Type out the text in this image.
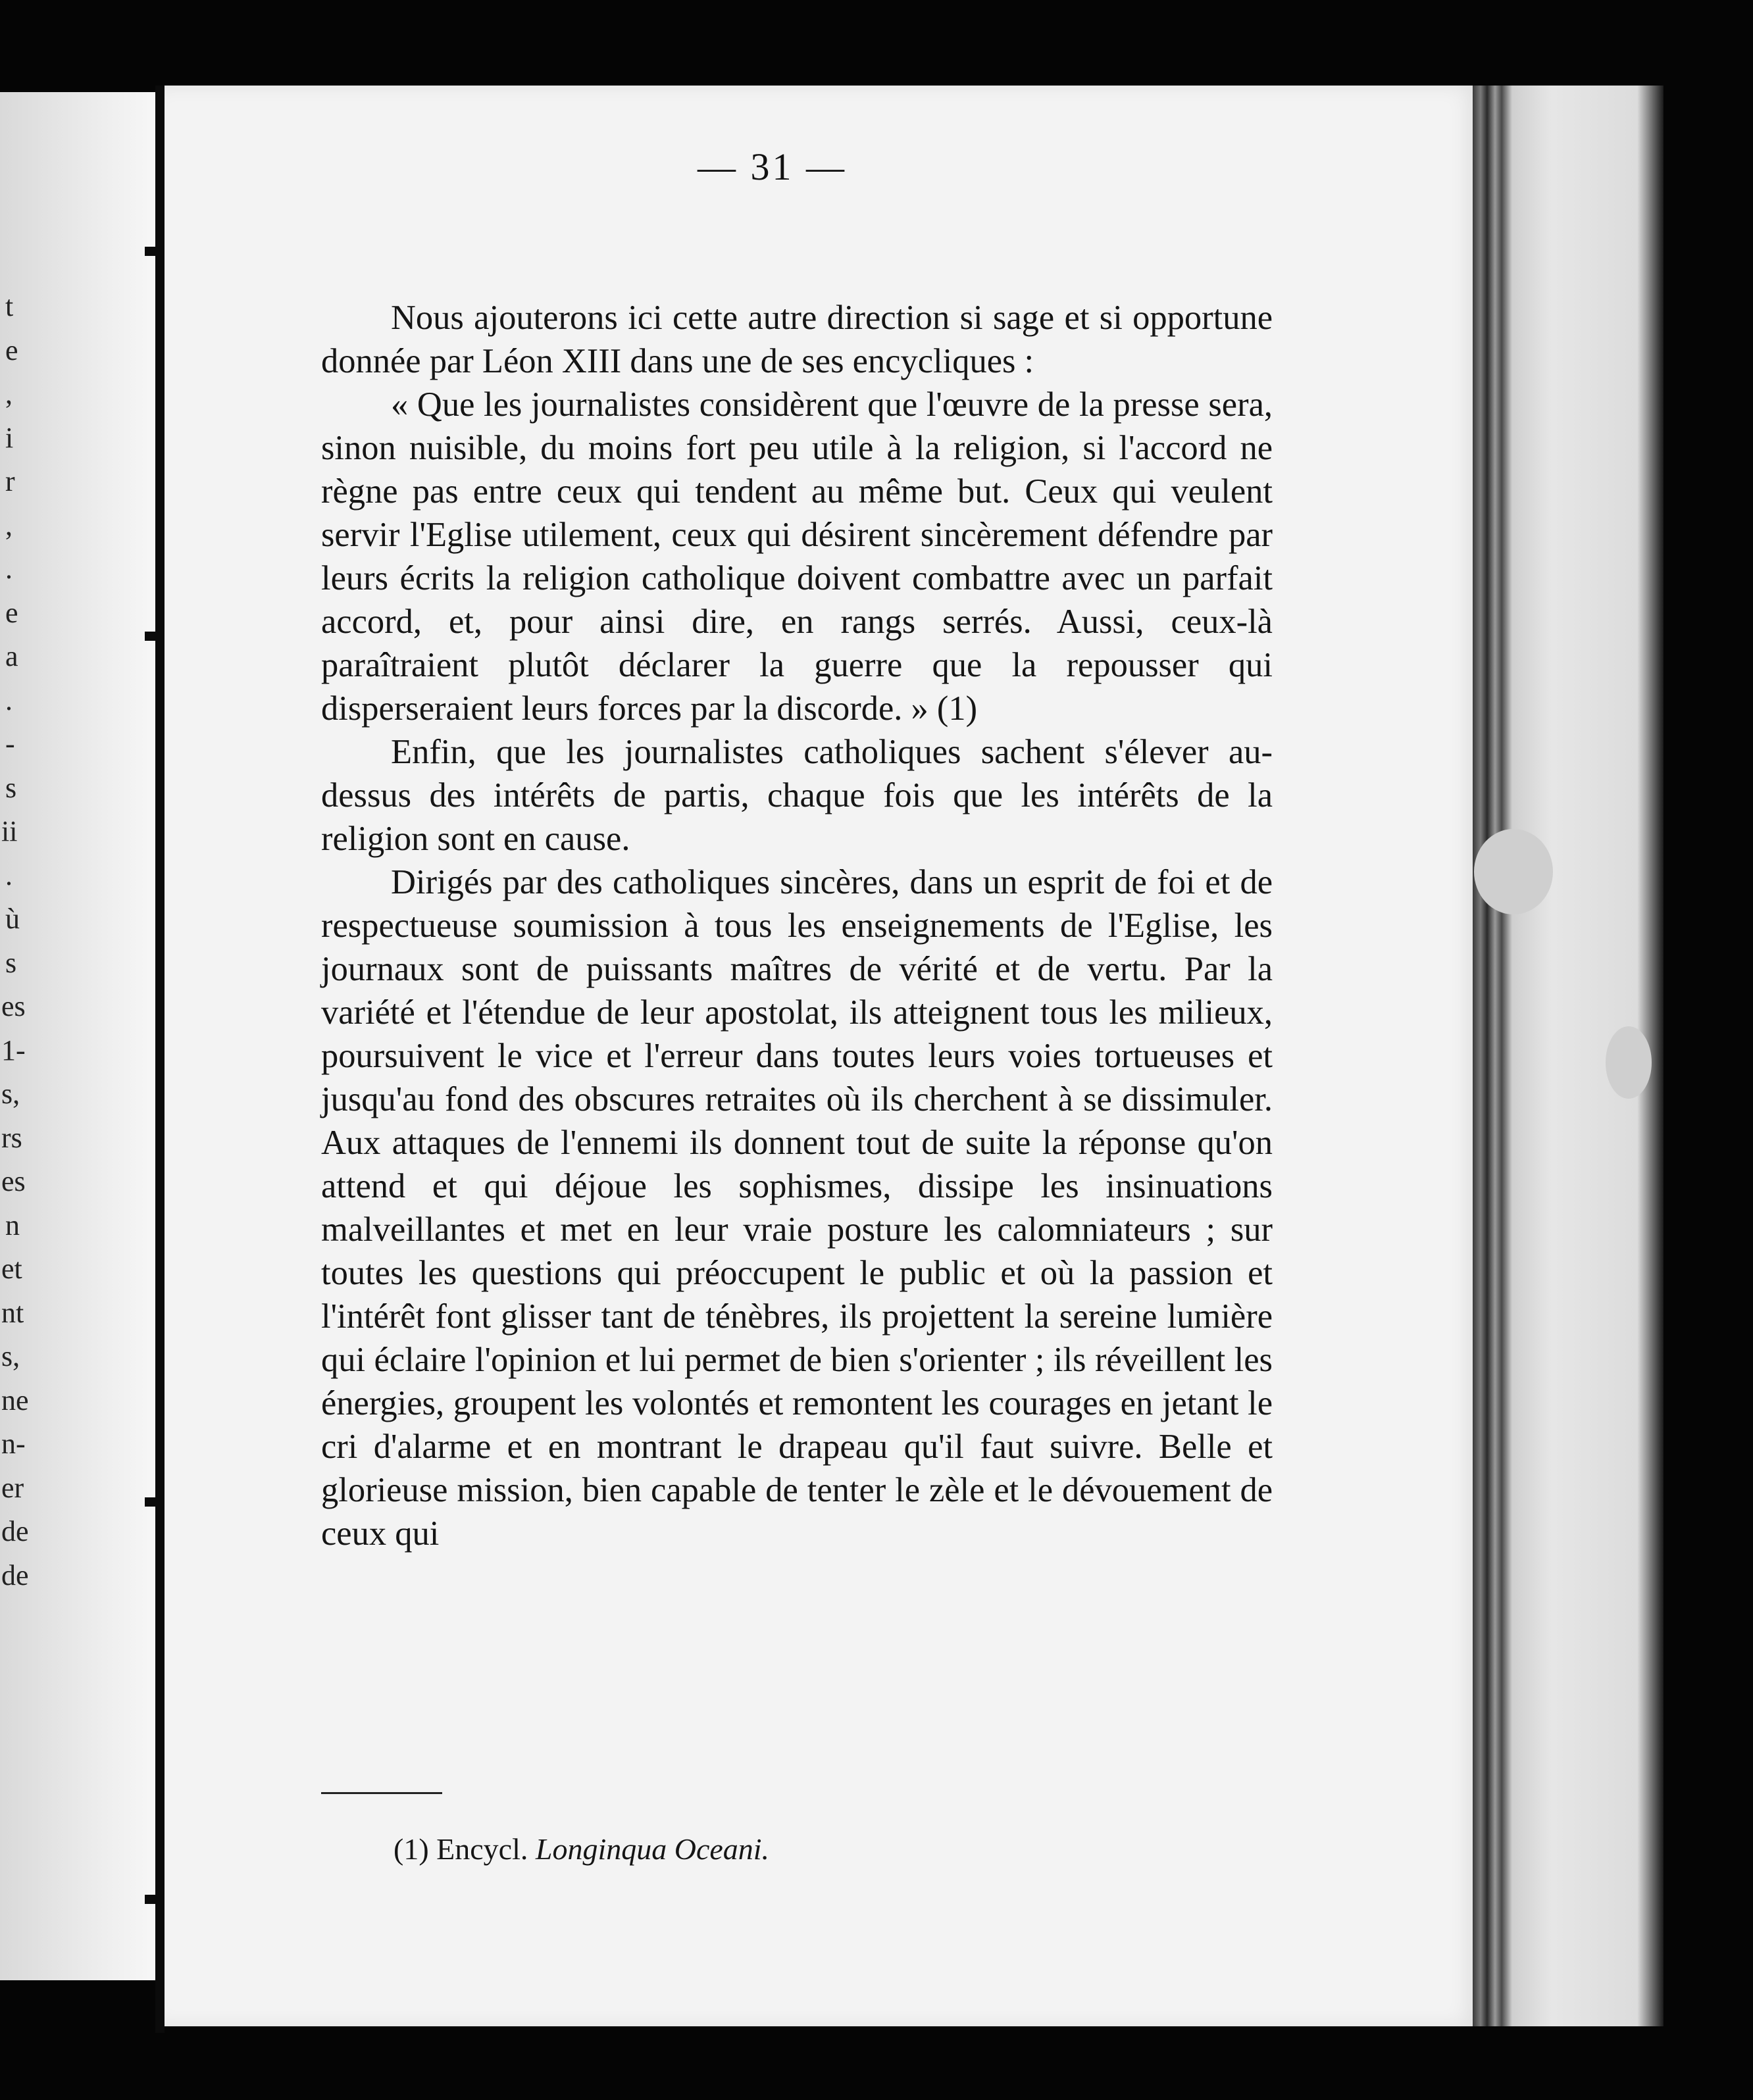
t
e
,
i
r
,
.
e
a
.
-
s
ii
.
ù
s
es
1-
s,
rs
es
n
et
nt
s,
ne
n-
er
de
de
— 31 —

Nous ajouterons ici cette autre direction si sage et si opportune donnée par Léon XIII dans une de ses encycliques :

« Que les journalistes considèrent que l'œuvre de la presse sera, sinon nuisible, du moins fort peu utile à la religion, si l'accord ne règne pas entre ceux qui tendent au même but. Ceux qui veulent servir l'Eglise utilement, ceux qui désirent sincèrement défendre par leurs écrits la religion catholique doivent combattre avec un parfait accord, et, pour ainsi dire, en rangs serrés. Aussi, ceux-là paraîtraient plutôt déclarer la guerre que la repousser qui disperseraient leurs forces par la discorde. » (1)

Enfin, que les journalistes catholiques sachent s'élever au-dessus des intérêts de partis, chaque fois que les intérêts de la religion sont en cause.

Dirigés par des catholiques sincères, dans un esprit de foi et de respectueuse soumission à tous les enseignements de l'Eglise, les journaux sont de puissants maîtres de vérité et de vertu. Par la variété et l'étendue de leur apostolat, ils atteignent tous les milieux, poursuivent le vice et l'erreur dans toutes leurs voies tortueuses et jusqu'au fond des obscures retraites où ils cherchent à se dissimuler. Aux attaques de l'ennemi ils donnent tout de suite la réponse qu'on attend et qui déjoue les sophismes, dissipe les insinuations malveillantes et met en leur vraie posture les calomniateurs ; sur toutes les questions qui préoccupent le public et où la passion et l'intérêt font glisser tant de ténèbres, ils projettent la sereine lumière qui éclaire l'opinion et lui permet de bien s'orienter ; ils réveillent les énergies, groupent les volontés et remontent les courages en jetant le cri d'alarme et en montrant le drapeau qu'il faut suivre. Belle et glorieuse mission, bien capable de tenter le zèle et le dévouement de ceux qui

(1) Encycl. Longinqua Oceani.
